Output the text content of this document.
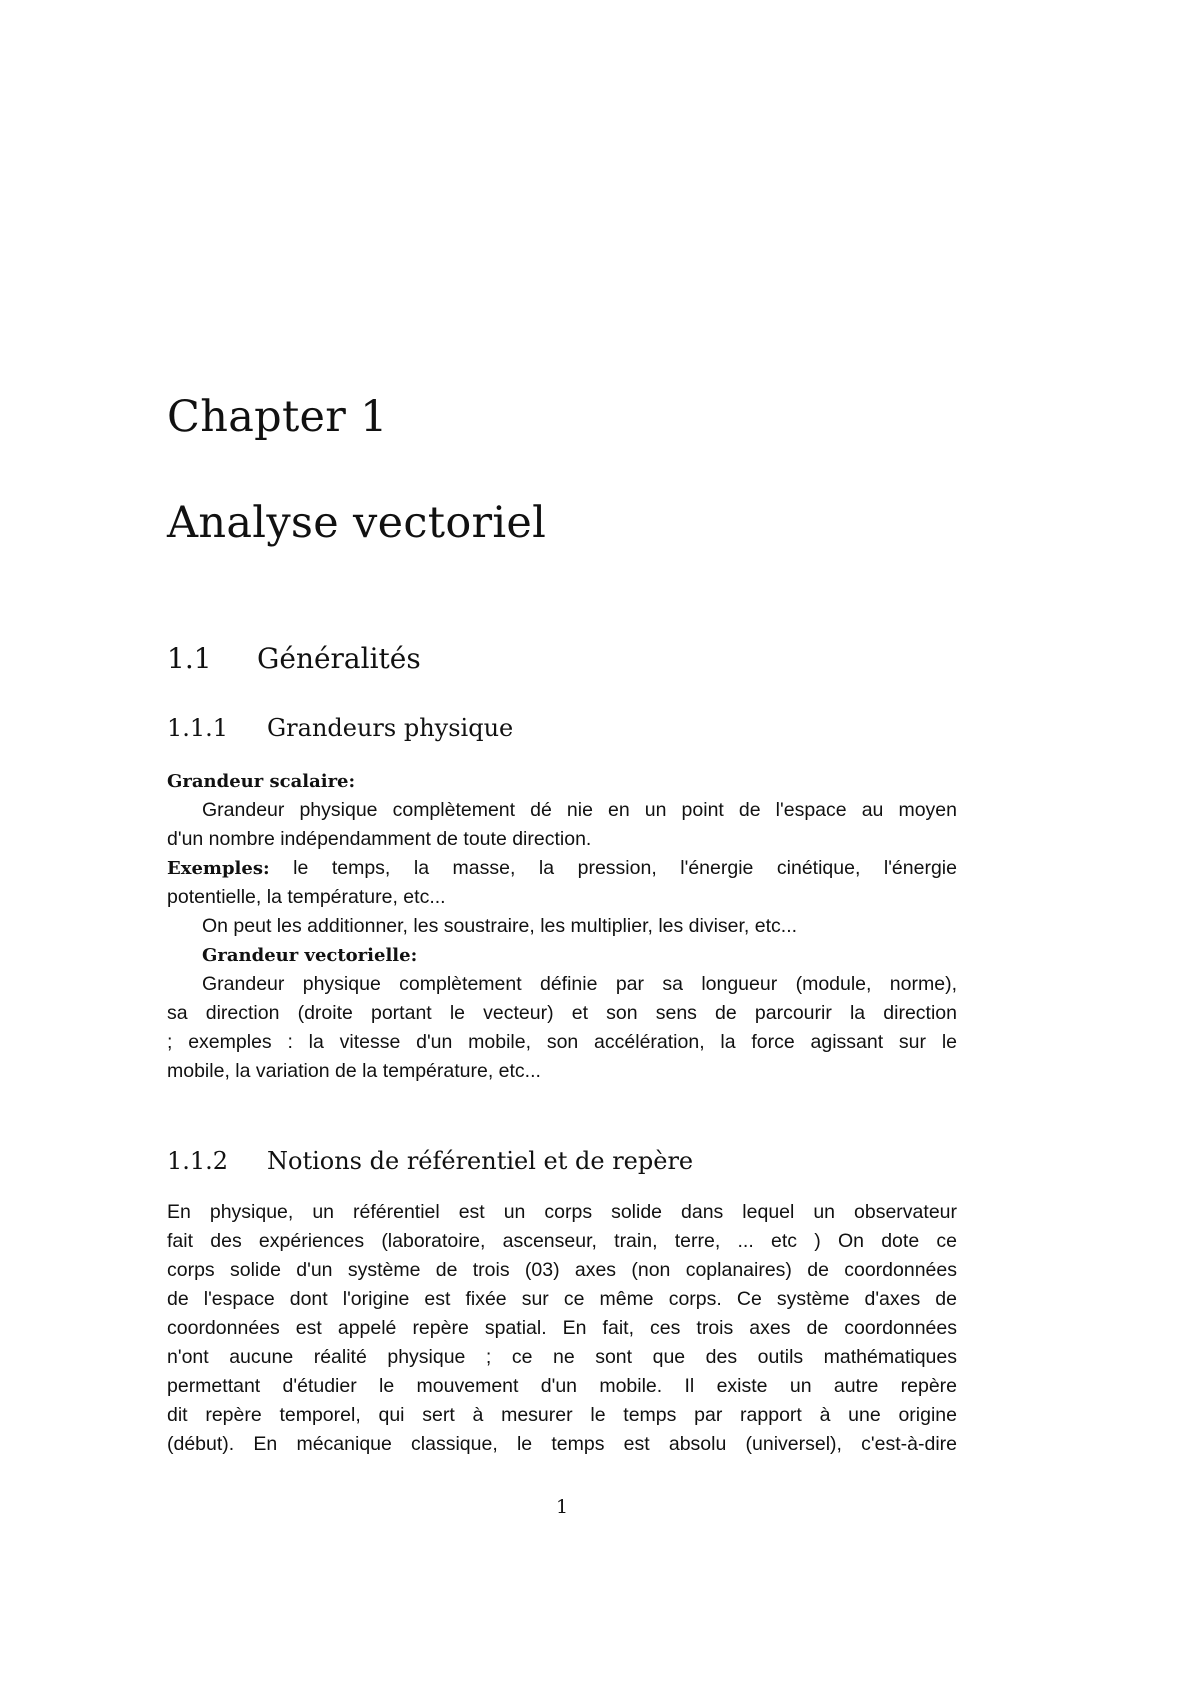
Chapter 1
Analyse vectoriel
1.1 Généralités
1.1.1 Grandeurs physique
Grandeur scalaire:
Grandeur physique complètement dé nie en un point de l'espace au moyen
d'un nombre indépendamment de toute direction.
Exemples: le temps, la masse, la pression, l'énergie cinétique, l'énergie
potentielle, la température, etc...
On peut les additionner, les soustraire, les multiplier, les diviser, etc...
Grandeur vectorielle:
Grandeur physique complètement définie par sa longueur (module, norme),
sa direction (droite portant le vecteur) et son sens de parcourir la direction
; exemples : la vitesse d'un mobile, son accélération, la force agissant sur le
mobile, la variation de la température, etc...
1.1.2 Notions de référentiel et de repère
En physique, un référentiel est un corps solide dans lequel un observateur
fait des expériences (laboratoire, ascenseur, train, terre, ... etc ) On dote ce
corps solide d'un système de trois (03) axes (non coplanaires) de coordonnées
de l'espace dont l'origine est fixée sur ce même corps. Ce système d'axes de
coordonnées est appelé repère spatial. En fait, ces trois axes de coordonnées
n'ont aucune réalité physique ; ce ne sont que des outils mathématiques
permettant d'étudier le mouvement d'un mobile. Il existe un autre repère
dit repère temporel, qui sert à mesurer le temps par rapport à une origine
(début). En mécanique classique, le temps est absolu (universel), c'est-à-dire
1
